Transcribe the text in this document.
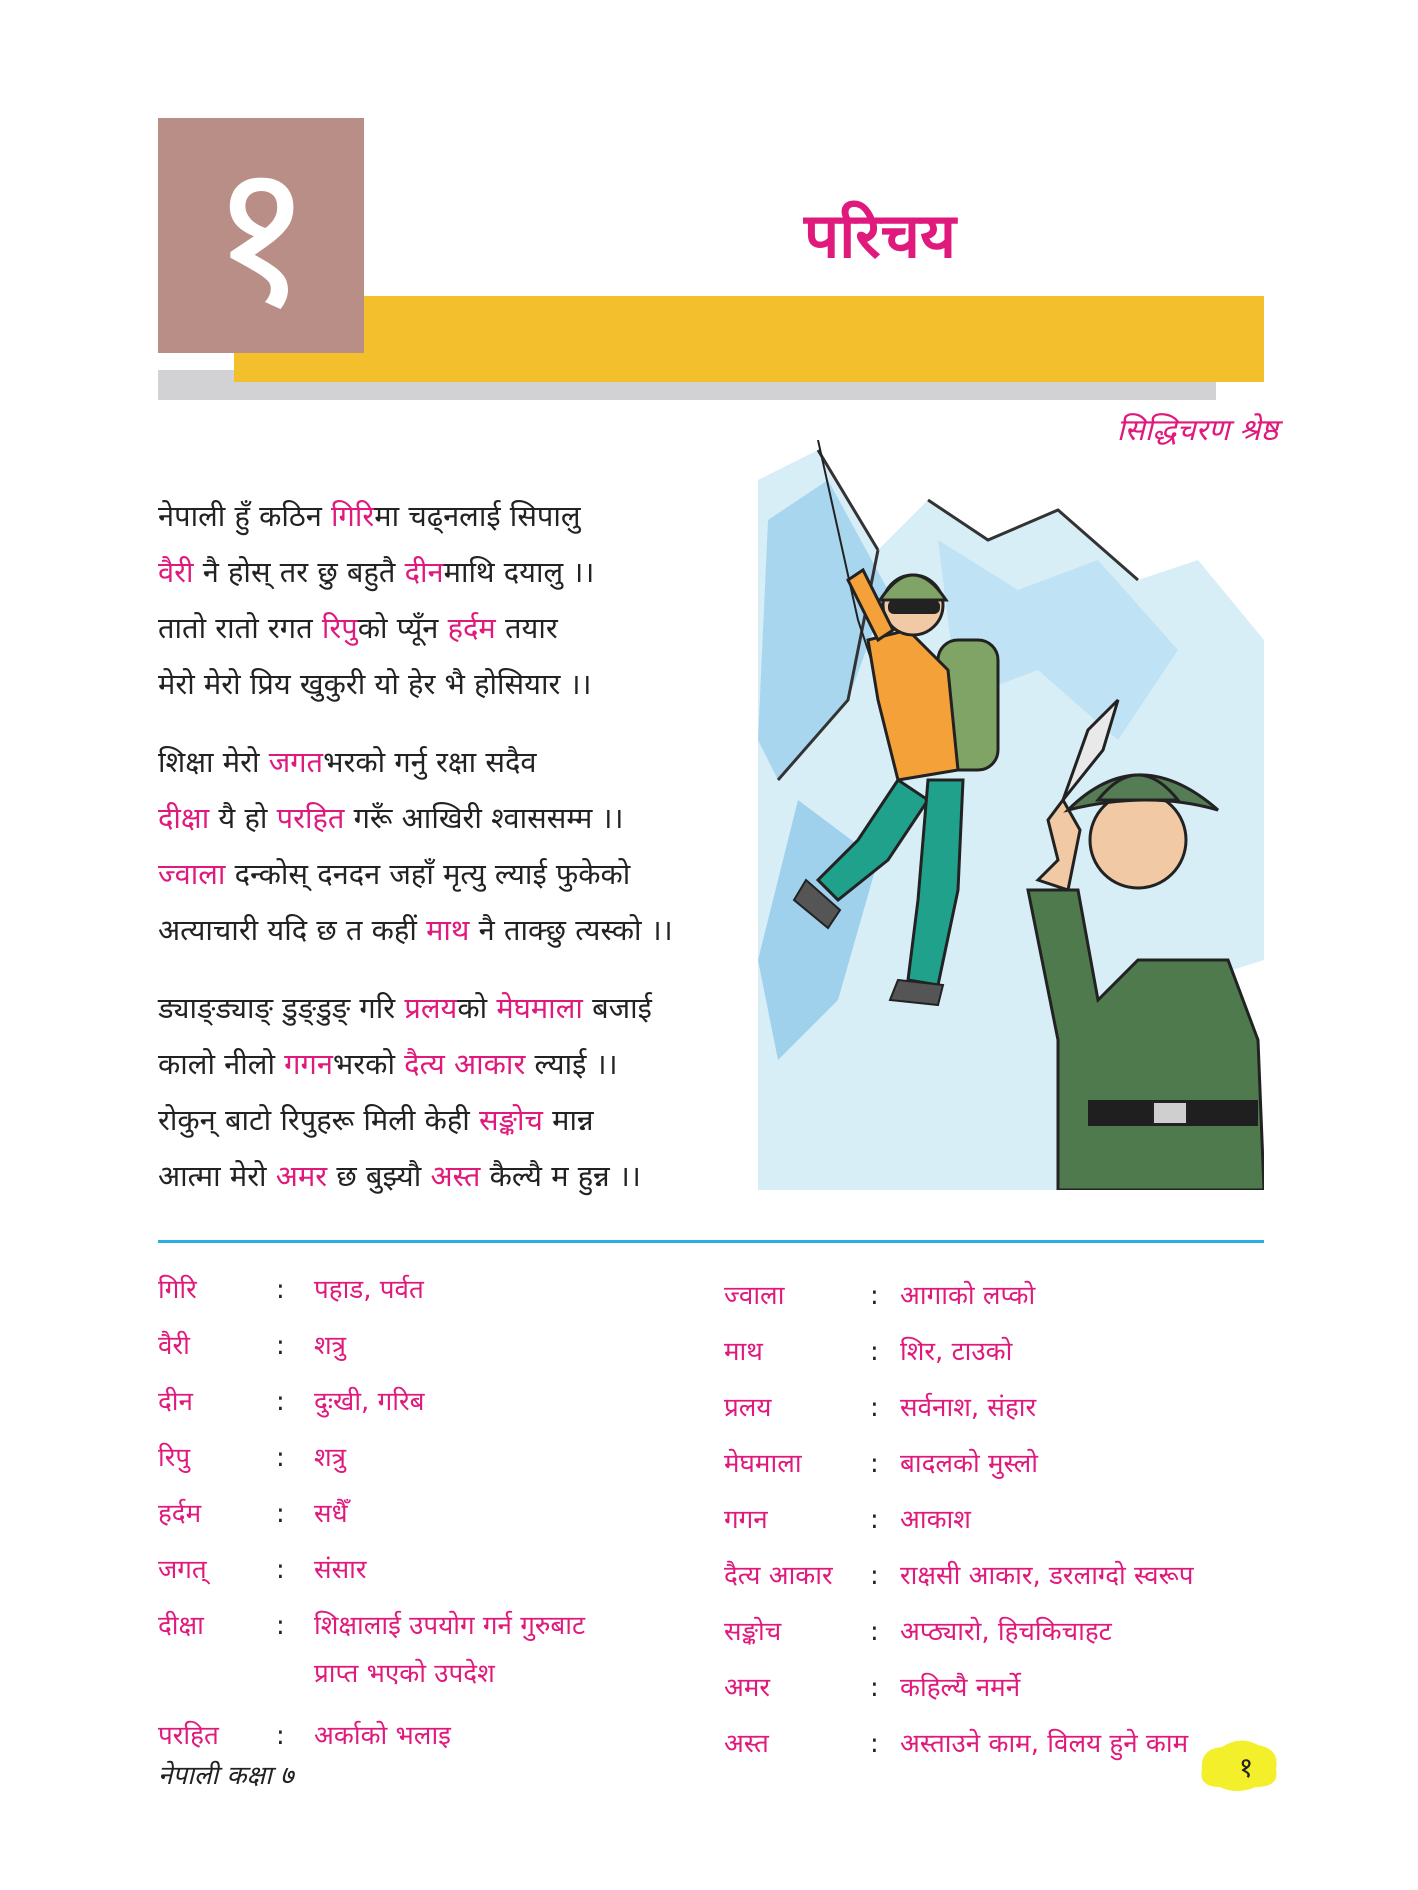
१	परिचय
सिद्धिचरण श्रेष्ठ
नेपाली हुँ कठिन गिरिमा चढ्नलाई सिपालु
वैरी नै होस् तर छु बहुतै दीनमाथि दयालु ।।
तातो रातो रगत रिपुको प्यूँन हर्दम तयार
मेरो मेरो प्रिय खुकुरी यो हेर भै होसियार ।।
शिक्षा मेरो जगतभरको गर्नु रक्षा सदैव
दीक्षा यै हो परहित गरूँ आखिरी श्वाससम्म ।।
ज्वाला दन्कोस् दनदन जहाँ मृत्यु ल्याई फुकेको
अत्याचारी यदि छ त कहीं माथ नै ताक्छु त्यस्को ।।
ड्याङ्ड्याङ् डुङ्डुङ् गरि प्रलयको मेघमाला बजाई
कालो नीलो गगनभरको दैत्य आकार ल्याई ।।
रोकुन् बाटो रिपुहरू मिली केही सङ्कोच मान्न
आत्मा मेरो अमर छ बुझ्यौ अस्त कैल्यै म हुन्न ।।
गिरि	: पहाड, पर्वत
वैरी	: शत्रु
दीन	: दुःखी, गरिब
रिपु	: शत्रु
हर्दम	: सधैँ
जगत्	: संसार
दीक्षा	: शिक्षालाई उपयोग गर्न गुरुबाट प्राप्त भएको उपदेश
परहित : अर्काको भलाइ
ज्वाला	: आगाको लप्को
माथ	: शिर, टाउको
प्रलय	: सर्वनाश, संहार
मेघमाला	: बादलको मुस्लो
गगन	: आकाश
दैत्य आकार : राक्षसी आकार, डरलाग्दो स्वरूप
सङ्कोच	: अप्ठ्यारो, हिचकिचाहट
अमर	: कहिल्यै नमर्ने
अस्त	: अस्ताउने काम, विलय हुने काम
नेपाली कक्षा ७	१
